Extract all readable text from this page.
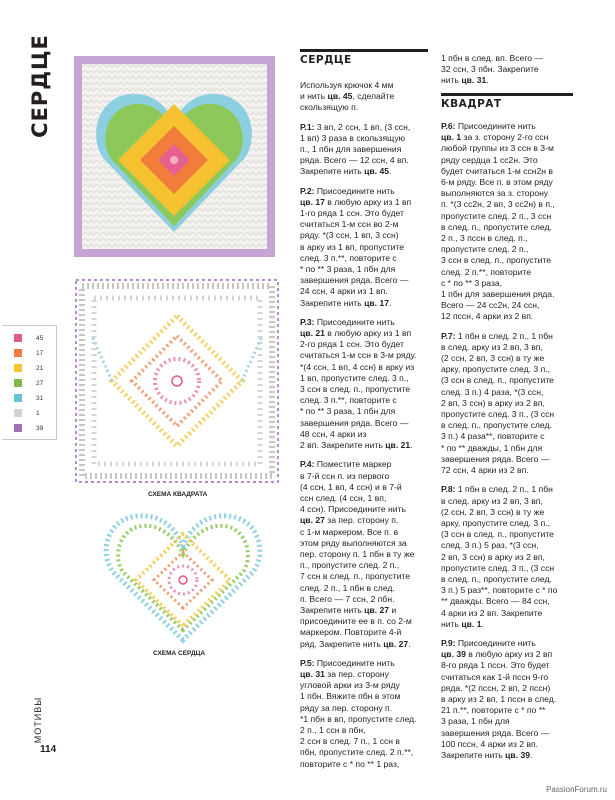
СЕРДЦЕ
45
17
21
27
31
1
39
СХЕМА КВАДРАТА
СХЕМА СЕРДЦА
СЕРДЦЕ
Используя крючок 4 мм
и нить цв. 45, сделайте
скользящую п.
Р.1: 3 вп, 2 ссн, 1 вп, (3 ссн,
1 вп) 3 раза в скользящую
п., 1 пбн для завершения
ряда. Всего — 12 ссн, 4 вп.
Закрепите нить цв. 45.
Р.2: Присоедините нить
цв. 17 в любую арку из 1 вп
1-го ряда 1 ссн. Это будет
считаться 1-м ссн во 2-м
ряду. *(3 ссн, 1 вп, 3 ссн)
в арку из 1 вп, пропустите
след. 3 п.**, повторите с
* по ** 3 раза, 1 пбн для
завершения ряда. Всего —
24 ссн, 4 арки из 1 вп.
Закрепите нить цв. 17.
Р.3: Присоедините нить
цв. 21 в любую арку из 1 вп
2-го ряда 1 ссн. Это будет
считаться 1-м ссн в 3-м ряду.
*(4 ссн, 1 вп, 4 ссн) в арку из
1 вп, пропустите след. 3 п.,
3 ссн в след. п., пропустите
след. 3 п.**, повторите с
* по ** 3 раза, 1 пбн для
завершения ряда. Всего —
48 ссн, 4 арки из
2 вп. Закрепите нить цв. 21.
Р.4: Поместите маркер
в 7-й ссн п. из первого
(4 ссн, 1 вп, 4 ссн) и в 7-й
ссн след. (4 ссн, 1 вп,
4 ссн). Присоедините нить
цв. 27 за пер. сторону п.
с 1-м маркером. Все п. в
этом ряду выполняются за
пер. сторону п. 1 пбн в ту же
п., пропустите след. 2 п.,
7 ссн в след. п., пропустите
след. 2 п., 1 пбн в след.
п. Всего — 7 ссн, 2 пбн.
Закрепите нить цв. 27 и
присоедините ее в п. со 2-м
маркером. Повторите 4-й
ряд. Закрепите нить цв. 27.
Р.5: Присоедините нить
цв. 31 за пер. сторону
угловой арки из 3-м ряду
1 пбн. Вяжите пбн в этом
ряду за пер. сторону п.
*1 пбн в вп, пропустите след.
2 п., 1 ссн в пбн,
2 ссн в след. 7 п., 1 ссн в
пбн, пропустите след. 2 п.**,
повторите с * по ** 1 раз,
1 пбн в след. вп. Всего —
32 ссн, 3 пбн. Закрепите
нить цв. 31.
КВАДРАТ
Р.6: Присоедините нить
цв. 1 за з. сторону 2-го ссн
любой группы из 3 ссн в 3-м
ряду сердца 1 сс2н. Это
будет считаться 1-м ссн2н в
6-м ряду. Все п. в этом ряду
выполняются за з. сторону
п. *(3 сс2н, 2 вп, 3 сс2н) в п.,
пропустите след. 2 п., 3 ссн
в след. п., пропустите след.
2 п., 3 пссн в след. п.,
пропустите след. 2 п.,
3 ссн в след. п., пропустите
след. 2 п.**, повторите
с * по ** 3 раза,
1 пбн для завершения ряда.
Всего — 24 сс2н, 24 ссн,
12 пссн, 4 арки из 2 вп.
Р.7: 1 пбн в след. 2 п., 1 пбн
в след. арку из 2 вп, 3 вп,
(2 ссн, 2 вп, 3 ссн) в ту же
арку, пропустите след. 3 п.,
(3 ссн в след. п., пропустите
след. 3 п.) 4 раза, *(3 ссн,
2 вп, 3 ссн) в арку из 2 вп,
пропустите след. 3 п., (3 ссн
в след. п., пропустите след.
3 п.) 4 раза**, повторите с
* по ** дважды, 1 пбн для
завершения ряда. Всего —
72 ссн, 4 арки из 2 вп.
Р.8: 1 пбн в след. 2 п., 1 пбн
в след. арку из 2 вп, 3 вп,
(2 ссн, 2 вп, 3 ссн) в ту же
арку, пропустите след. 3 п.,
(3 ссн в след. п., пропустите
след. 3 п.) 5 раз, *(3 ссн,
2 вп, 3 ссн) в арку из 2 вп,
пропустите след. 3 п., (3 ссн
в след. п., пропустите след.
3 п.) 5 раз**, повторите с * по
** дважды. Всего — 84 ссн,
4 арки из 2 вп. Закрепите
нить цв. 1.
Р.9: Присоедините нить
цв. 39 в любую арку из 2 вп
8-го ряда 1 пссн. Это будет
считаться как 1-й пссн 9-го
ряда. *(2 пссн, 2 вп, 2 пссн)
в арку из 2 вп, 1 пссн в след.
21 п.**, повторите с * по **
3 раза, 1 пбн для
завершения ряда. Всего —
100 пссн, 4 арки из 2 вп.
Закрепите нить цв. 39.
МОТИВЫ
114
PassionForum.ru
